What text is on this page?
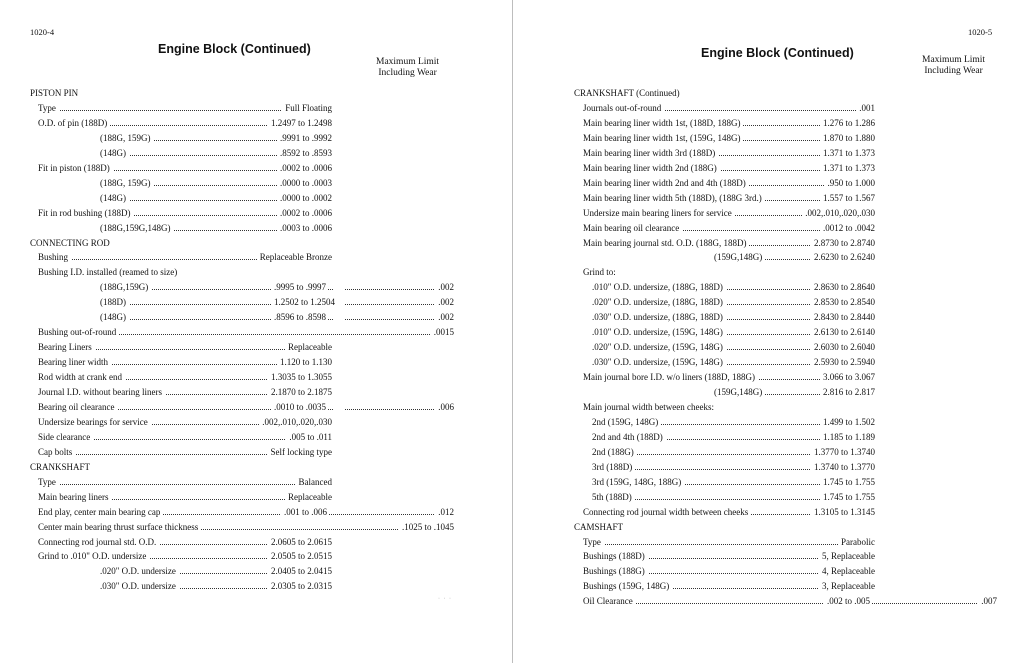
1020-4
Engine Block (Continued)
Maximum Limit
Including Wear
PISTON PIN
Type	Full Floating
O.D. of pin (188D)	1.2497 to 1.2498
(188G, 159G)	.9991 to .9992
(148G)	.8592 to .8593
Fit in piston (188D)	.0002 to .0006
(188G, 159G)	.0000 to .0003
(148G)	.0000 to .0002
Fit in rod bushing (188D)	.0002 to .0006
(188G,159G,148G)	.0003 to .0006
CONNECTING ROD
Bushing	Replaceable Bronze
Bushing I.D. installed (reamed to size)
(188G,159G)	.9995 to .9997	.002
(188D)	1.2502 to 1.2504	.002
(148G)	.8596 to .8598	.002
Bushing out-of-round	.0015
Bearing Liners	Replaceable
Bearing liner width	1.120 to 1.130
Rod width at crank end	1.3035 to 1.3055
Journal I.D. without bearing liners	2.1870 to 2.1875
Bearing oil clearance	.0010 to .0035	.006
Undersize bearings for service	.002,.010,.020,.030
Side clearance	.005 to .011
Cap bolts	Self locking type
CRANKSHAFT
Type	Balanced
Main bearing liners	Replaceable
End play, center main bearing cap	.001 to .006	.012
Center main bearing thrust surface thickness	.1025 to .1045
Connecting rod journal std. O.D.	2.0605 to 2.0615
Grind to .010" O.D. undersize	2.0505 to 2.0515
.020" O.D. undersize	2.0405 to 2.0415
.030" O.D. undersize	2.0305 to 2.0315
· · ·
1020-5
Engine Block (Continued)	Maximum Limit
Including Wear
CRANKSHAFT (Continued)
Journals out-of-round	.001
Main bearing liner width 1st, (188D, 188G)	1.276 to 1.286
Main bearing liner width 1st, (159G, 148G)	1.870 to 1.880
Main bearing liner width 3rd (188D)	1.371 to 1.373
Main bearing liner width 2nd (188G)	1.371 to 1.373
Main bearing liner width 2nd and 4th (188D)	.950 to 1.000
Main bearing liner width 5th (188D), (188G 3rd.)	1.557 to 1.567
Undersize main bearing liners for service	.002,.010,.020,.030
Main bearing oil clearance	.0012 to .0042
Main bearing journal std. O.D. (188G, 188D)	2.8730 to 2.8740
(159G,148G)	2.6230 to 2.6240
Grind to:
.010" O.D. undersize, (188G, 188D)	2.8630 to 2.8640
.020" O.D. undersize, (188G, 188D)	2.8530 to 2.8540
.030" O.D. undersize, (188G, 188D)	2.8430 to 2.8440
.010" O.D. undersize, (159G, 148G)	2.6130 to 2.6140
.020" O.D. undersize, (159G, 148G)	2.6030 to 2.6040
.030" O.D. undersize, (159G, 148G)	2.5930 to 2.5940
Main journal bore I.D. w/o liners (188D, 188G)	3.066 to 3.067
(159G,148G)	2.816 to 2.817
Main journal width between cheeks:
2nd (159G, 148G)	1.499 to 1.502
2nd and 4th (188D)	1.185 to 1.189
2nd (188G)	1.3770 to 1.3740
3rd (188D)	1.3740 to 1.3770
3rd (159G, 148G, 188G)	1.745 to 1.755
5th (188D)	1.745 to 1.755
Connecting rod journal width between cheeks	1.3105 to 1.3145
CAMSHAFT
Type	Parabolic
Bushings (188D)	5, Replaceable
Bushings (188G)	4, Replaceable
Bushings (159G, 148G)	3, Replaceable
Oil Clearance	.002 to .005	.007
